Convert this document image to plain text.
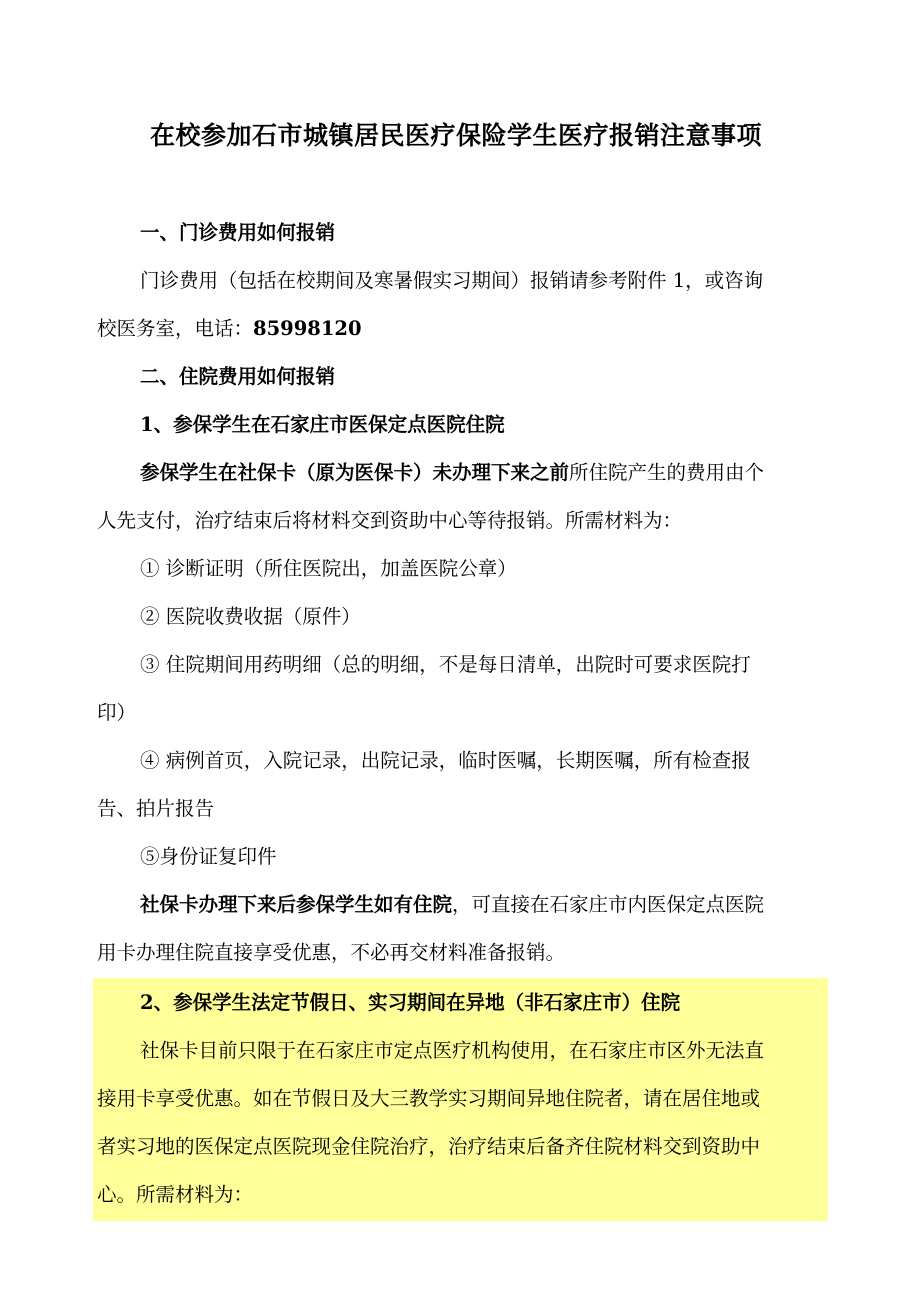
在校参加石市城镇居民医疗保险学生医疗报销注意事项
一、门诊费用如何报销
门诊费用（包括在校期间及寒暑假实习期间）报销请参考附件 1，或咨询
校医务室，电话：85998120
二、住院费用如何报销
1、参保学生在石家庄市医保定点医院住院
参保学生在社保卡（原为医保卡）未办理下来之前所住院产生的费用由个
人先支付，治疗结束后将材料交到资助中心等待报销。所需材料为：
① 诊断证明（所住医院出，加盖医院公章）
② 医院收费收据（原件）
③ 住院期间用药明细（总的明细，不是每日清单，出院时可要求医院打
印）
④ 病例首页，入院记录，出院记录，临时医嘱，长期医嘱，所有检查报
告、拍片报告
⑤身份证复印件
社保卡办理下来后参保学生如有住院，可直接在石家庄市内医保定点医院
用卡办理住院直接享受优惠，不必再交材料准备报销。
2、参保学生法定节假日、实习期间在异地（非石家庄市）住院
社保卡目前只限于在石家庄市定点医疗机构使用，在石家庄市区外无法直
接用卡享受优惠。如在节假日及大三教学实习期间异地住院者，请在居住地或
者实习地的医保定点医院现金住院治疗，治疗结束后备齐住院材料交到资助中
心。所需材料为：
